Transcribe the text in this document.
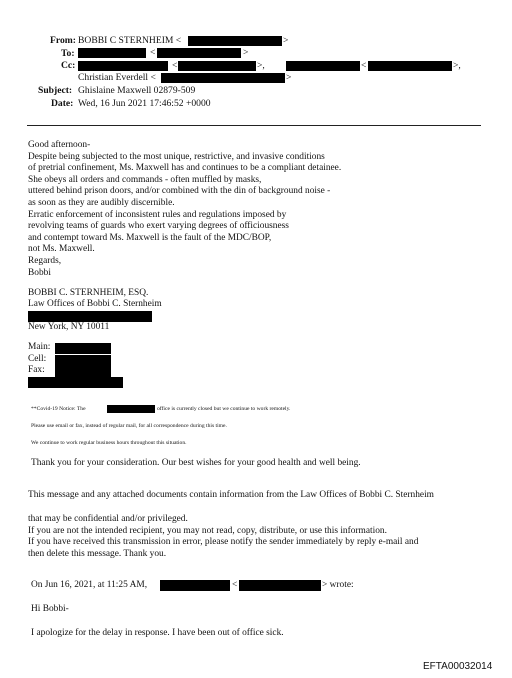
From: BOBBI C STERNHEIM <	>
To:	<	>
Cc:	<	>,	<	>,
Christian Everdell <	>
Subject: Ghislaine Maxwell 02879-509
Date: Wed, 16 Jun 2021 17:46:52 +0000
Good afternoon-
Despite being subjected to the most unique, restrictive, and invasive conditions
of pretrial confinement, Ms. Maxwell has and continues to be a compliant detainee.
She obeys all orders and commands - often muffled by masks,
uttered behind prison doors, and/or combined with the din of background noise -
as soon as they are audibly discernible.
Erratic enforcement of inconsistent rules and regulations imposed by
revolving teams of guards who exert varying degrees of officiousness
and contempt toward Ms. Maxwell is the fault of the MDC/BOP,
not Ms. Maxwell.
Regards,
Bobbi
BOBBI C. STERNHEIM, ESQ.
Law Offices of Bobbi C. Sternheim
New York, NY 10011
Main:
Cell:
Fax:
**Covid-19 Notice: The	office is currently closed but we continue to work remotely.
Please use email or fax, instead of regular mail, for all correspondence during this time.
We continue to work regular business hours throughout this situation.
Thank you for your consideration. Our best wishes for your good health and well being.
This message and any attached documents contain information from the Law Offices of Bobbi C. Sternheim
that may be confidential and/or privileged.
If you are not the intended recipient, you may not read, copy, distribute, or use this information.
If you have received this transmission in error, please notify the sender immediately by reply e-mail and
then delete this message. Thank you.
On Jun 16, 2021, at 11:25 AM,	<	> wrote:
Hi Bobbi-
I apologize for the delay in response. I have been out of office sick.
EFTA00032014
